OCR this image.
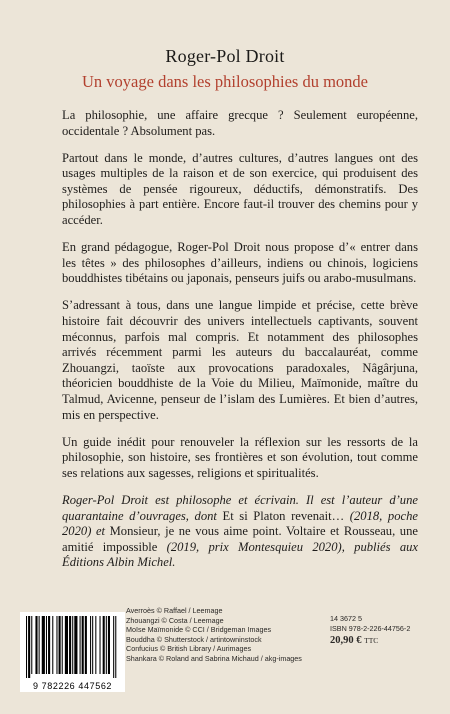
Roger-Pol Droit
Un voyage dans les philosophies du monde

La philosophie, une affaire grecque ? Seulement européenne, occidentale ? Absolument pas.

Partout dans le monde, d’autres cultures, d’autres langues ont des usages multiples de la raison et de son exercice, qui produisent des systèmes de pensée rigoureux, déductifs, démonstratifs. Des philosophies à part entière. Encore faut-il trouver des chemins pour y accéder.

En grand pédagogue, Roger-Pol Droit nous propose d’« entrer dans les têtes » des philosophes d’ailleurs, indiens ou chinois, logiciens bouddhistes tibétains ou japonais, penseurs juifs ou arabo-musulmans.

S’adressant à tous, dans une langue limpide et précise, cette brève histoire fait découvrir des univers intellectuels captivants, souvent méconnus, parfois mal compris. Et notamment des philosophes arrivés récemment parmi les auteurs du baccalauréat, comme Zhouangzi, taoïste aux provocations paradoxales, Nâgârjuna, théoricien bouddhiste de la Voie du Milieu, Maïmonide, maître du Talmud, Avicenne, penseur de l’islam des Lumières. Et bien d’autres, mis en perspective.

Un guide inédit pour renouveler la réflexion sur les ressorts de la philosophie, son histoire, ses frontières et son évolution, tout comme ses relations aux sagesses, religions et spiritualités.

Roger-Pol Droit est philosophe et écrivain. Il est l’auteur d’une quarantaine d’ouvrages, dont Et si Platon revenait… (2018, poche 2020) et Monsieur, je ne vous aime point. Voltaire et Rousseau, une amitié impossible (2019, prix Montesquieu 2020), publiés aux Éditions Albin Michel.
9 782226 447562
Averroès © Raffael / Leemage
Zhouangzi © Costa / Leemage
Moïse Maïmonide © CCI / Bridgeman Images
Bouddha © Shutterstock / artintowninstock
Confucius © British Library / Aurimages
Shankara © Roland and Sabrina Michaud / akg-images
14 3672 5
ISBN 978-2-226-44756-2
20,90 € TTC
